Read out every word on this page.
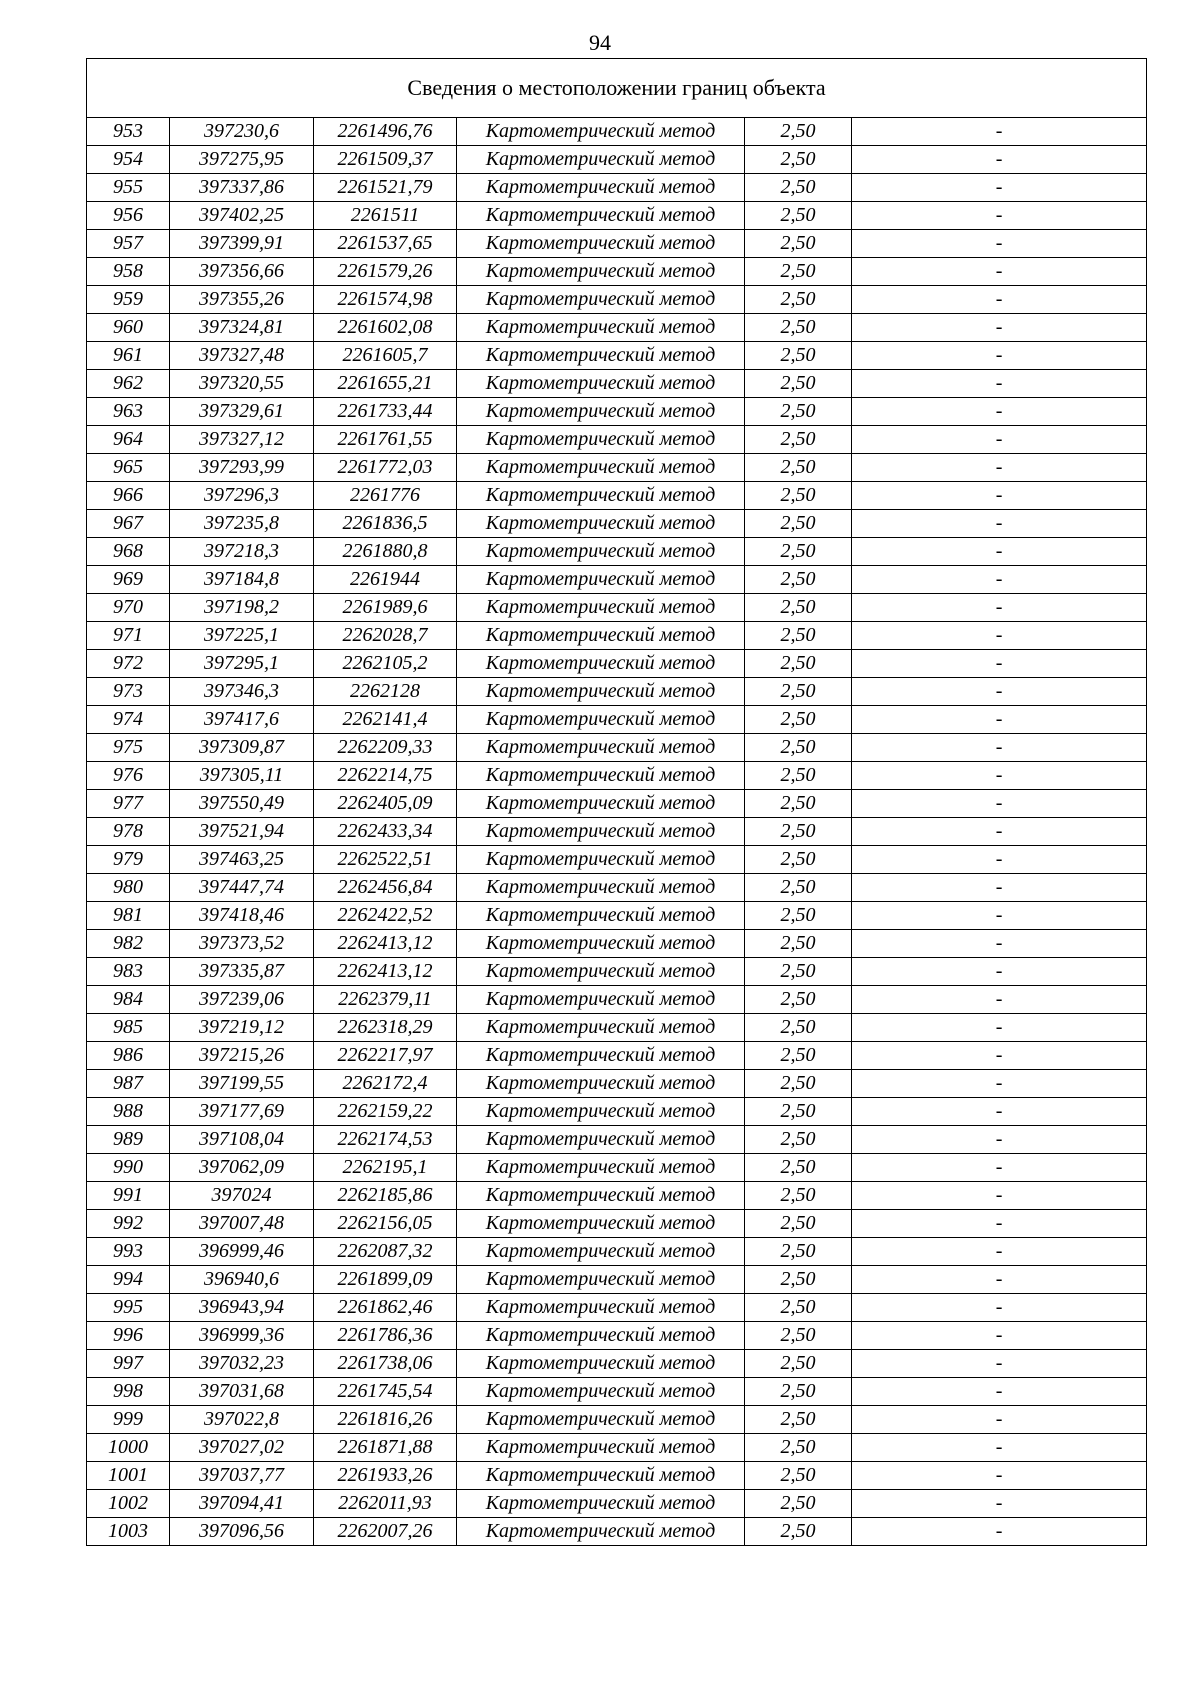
94
Сведения о местоположении границ объекта					
953	397230,6	2261496,76	Картометрический метод	2,50	-
954	397275,95	2261509,37	Картометрический метод	2,50	-
955	397337,86	2261521,79	Картометрический метод	2,50	-
956	397402,25	2261511	Картометрический метод	2,50	-
957	397399,91	2261537,65	Картометрический метод	2,50	-
958	397356,66	2261579,26	Картометрический метод	2,50	-
959	397355,26	2261574,98	Картометрический метод	2,50	-
960	397324,81	2261602,08	Картометрический метод	2,50	-
961	397327,48	2261605,7	Картометрический метод	2,50	-
962	397320,55	2261655,21	Картометрический метод	2,50	-
963	397329,61	2261733,44	Картометрический метод	2,50	-
964	397327,12	2261761,55	Картометрический метод	2,50	-
965	397293,99	2261772,03	Картометрический метод	2,50	-
966	397296,3	2261776	Картометрический метод	2,50	-
967	397235,8	2261836,5	Картометрический метод	2,50	-
968	397218,3	2261880,8	Картометрический метод	2,50	-
969	397184,8	2261944	Картометрический метод	2,50	-
970	397198,2	2261989,6	Картометрический метод	2,50	-
971	397225,1	2262028,7	Картометрический метод	2,50	-
972	397295,1	2262105,2	Картометрический метод	2,50	-
973	397346,3	2262128	Картометрический метод	2,50	-
974	397417,6	2262141,4	Картометрический метод	2,50	-
975	397309,87	2262209,33	Картометрический метод	2,50	-
976	397305,11	2262214,75	Картометрический метод	2,50	-
977	397550,49	2262405,09	Картометрический метод	2,50	-
978	397521,94	2262433,34	Картометрический метод	2,50	-
979	397463,25	2262522,51	Картометрический метод	2,50	-
980	397447,74	2262456,84	Картометрический метод	2,50	-
981	397418,46	2262422,52	Картометрический метод	2,50	-
982	397373,52	2262413,12	Картометрический метод	2,50	-
983	397335,87	2262413,12	Картометрический метод	2,50	-
984	397239,06	2262379,11	Картометрический метод	2,50	-
985	397219,12	2262318,29	Картометрический метод	2,50	-
986	397215,26	2262217,97	Картометрический метод	2,50	-
987	397199,55	2262172,4	Картометрический метод	2,50	-
988	397177,69	2262159,22	Картометрический метод	2,50	-
989	397108,04	2262174,53	Картометрический метод	2,50	-
990	397062,09	2262195,1	Картометрический метод	2,50	-
991	397024	2262185,86	Картометрический метод	2,50	-
992	397007,48	2262156,05	Картометрический метод	2,50	-
993	396999,46	2262087,32	Картометрический метод	2,50	-
994	396940,6	2261899,09	Картометрический метод	2,50	-
995	396943,94	2261862,46	Картометрический метод	2,50	-
996	396999,36	2261786,36	Картометрический метод	2,50	-
997	397032,23	2261738,06	Картометрический метод	2,50	-
998	397031,68	2261745,54	Картометрический метод	2,50	-
999	397022,8	2261816,26	Картометрический метод	2,50	-
1000	397027,02	2261871,88	Картометрический метод	2,50	-
1001	397037,77	2261933,26	Картометрический метод	2,50	-
1002	397094,41	2262011,93	Картометрический метод	2,50	-
1003	397096,56	2262007,26	Картометрический метод	2,50	-
